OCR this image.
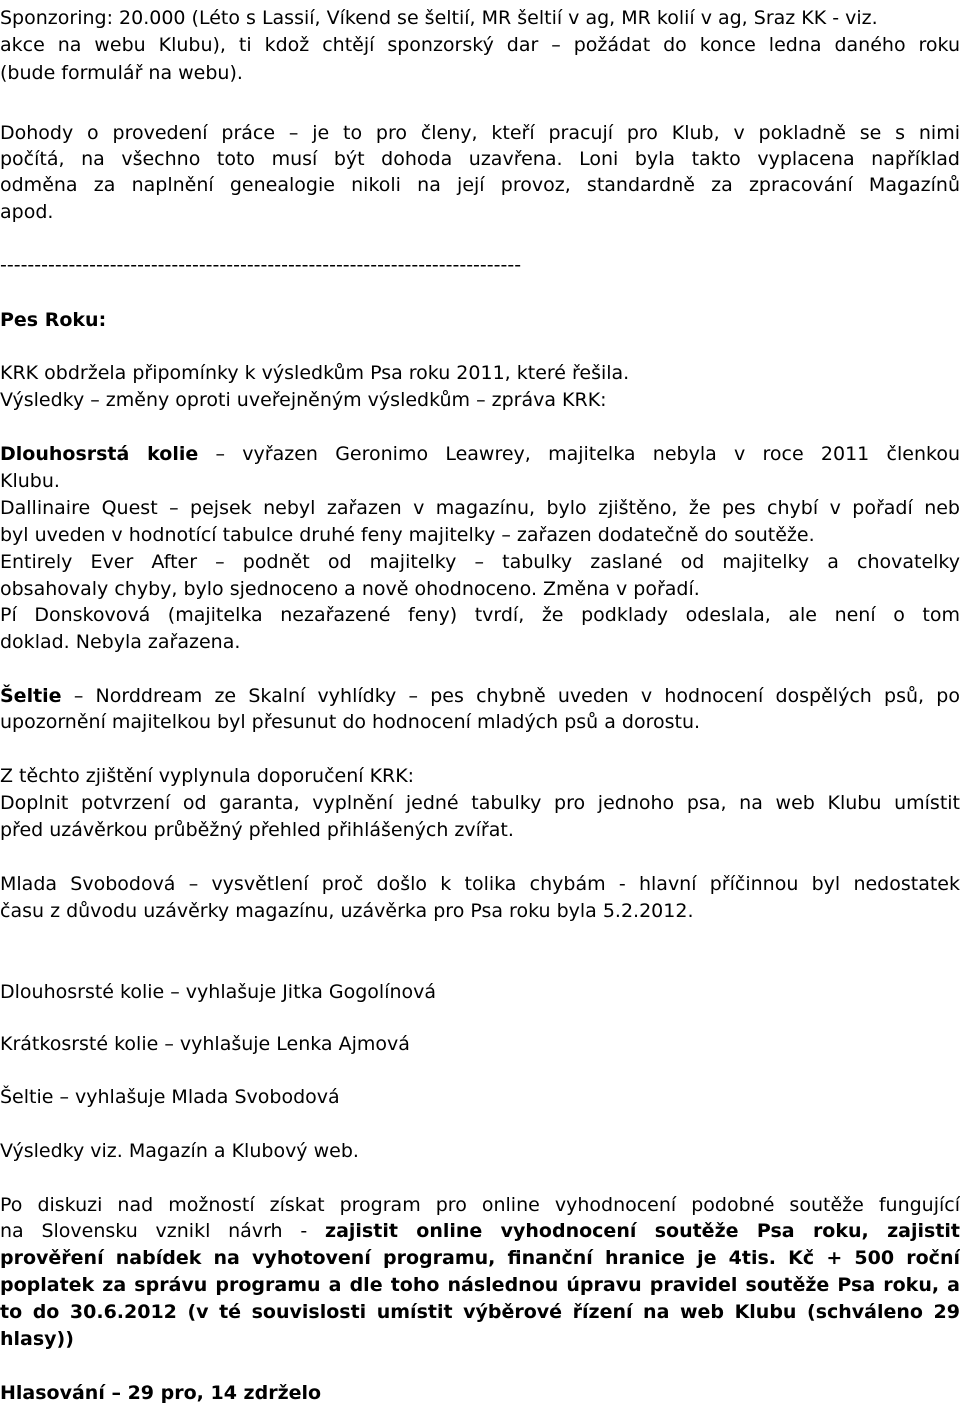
Sponzoring: 20.000 (Léto s Lassií, Víkend se šeltií, MR šeltií v ag, MR kolií v ag, Sraz KK - viz.
akce na webu Klubu), ti kdož chtějí sponzorský dar – požádat do konce ledna daného roku
(bude formulář na webu).
Dohody o provedení práce – je to pro členy, kteří pracují pro Klub, v pokladně se s nimi
počítá, na všechno toto musí být dohoda uzavřena. Loni byla takto vyplacena například
odměna za naplnění genealogie nikoli na její provoz, standardně za zpracování Magazínů
apod.
----------------------------------------------------------------------------
Pes Roku:
KRK obdržela připomínky k výsledkům Psa roku 2011, které řešila.
Výsledky – změny oproti uveřejněným výsledkům – zpráva KRK:
Dlouhosrstá kolie – vyřazen Geronimo Leawrey, majitelka nebyla v roce 2011 členkou
Klubu.
Dallinaire Quest – pejsek nebyl zařazen v magazínu, bylo zjištěno, že pes chybí v pořadí neb
byl uveden v hodnotící tabulce druhé feny majitelky – zařazen dodatečně do soutěže.
Entirely Ever After – podnět od majitelky – tabulky zaslané od majitelky a chovatelky
obsahovaly chyby, bylo sjednoceno a nově ohodnoceno. Změna v pořadí.
Pí Donskovová (majitelka nezařazené feny) tvrdí, že podklady odeslala, ale není o tom
doklad. Nebyla zařazena.
Šeltie – Norddream ze Skalní vyhlídky – pes chybně uveden v hodnocení dospělých psů, po
upozornění majitelkou byl přesunut do hodnocení mladých psů a dorostu.
Z těchto zjištění vyplynula doporučení KRK:
Doplnit potvrzení od garanta, vyplnění jedné tabulky pro jednoho psa, na web Klubu umístit
před uzávěrkou průběžný přehled přihlášených zvířat.
Mlada Svobodová – vysvětlení proč došlo k tolika chybám - hlavní příčinnou byl nedostatek
času z důvodu uzávěrky magazínu, uzávěrka pro Psa roku byla 5.2.2012.
Dlouhosrsté kolie – vyhlašuje Jitka Gogolínová
Krátkosrsté kolie – vyhlašuje Lenka Ajmová
Šeltie – vyhlašuje Mlada Svobodová
Výsledky viz. Magazín a Klubový web.
Po diskuzi nad možností získat program pro online vyhodnocení podobné soutěže fungující
na Slovensku vznikl návrh - zajistit online vyhodnocení soutěže Psa roku, zajistit
prověření nabídek na vyhotovení programu, finanční hranice je 4tis. Kč + 500 roční
poplatek za správu programu a dle toho následnou úpravu pravidel soutěže Psa roku, a
to do 30.6.2012 (v té souvislosti umístit výběrové řízení na web Klubu (schváleno 29
hlasy))
Hlasování – 29 pro, 14 zdrželo
